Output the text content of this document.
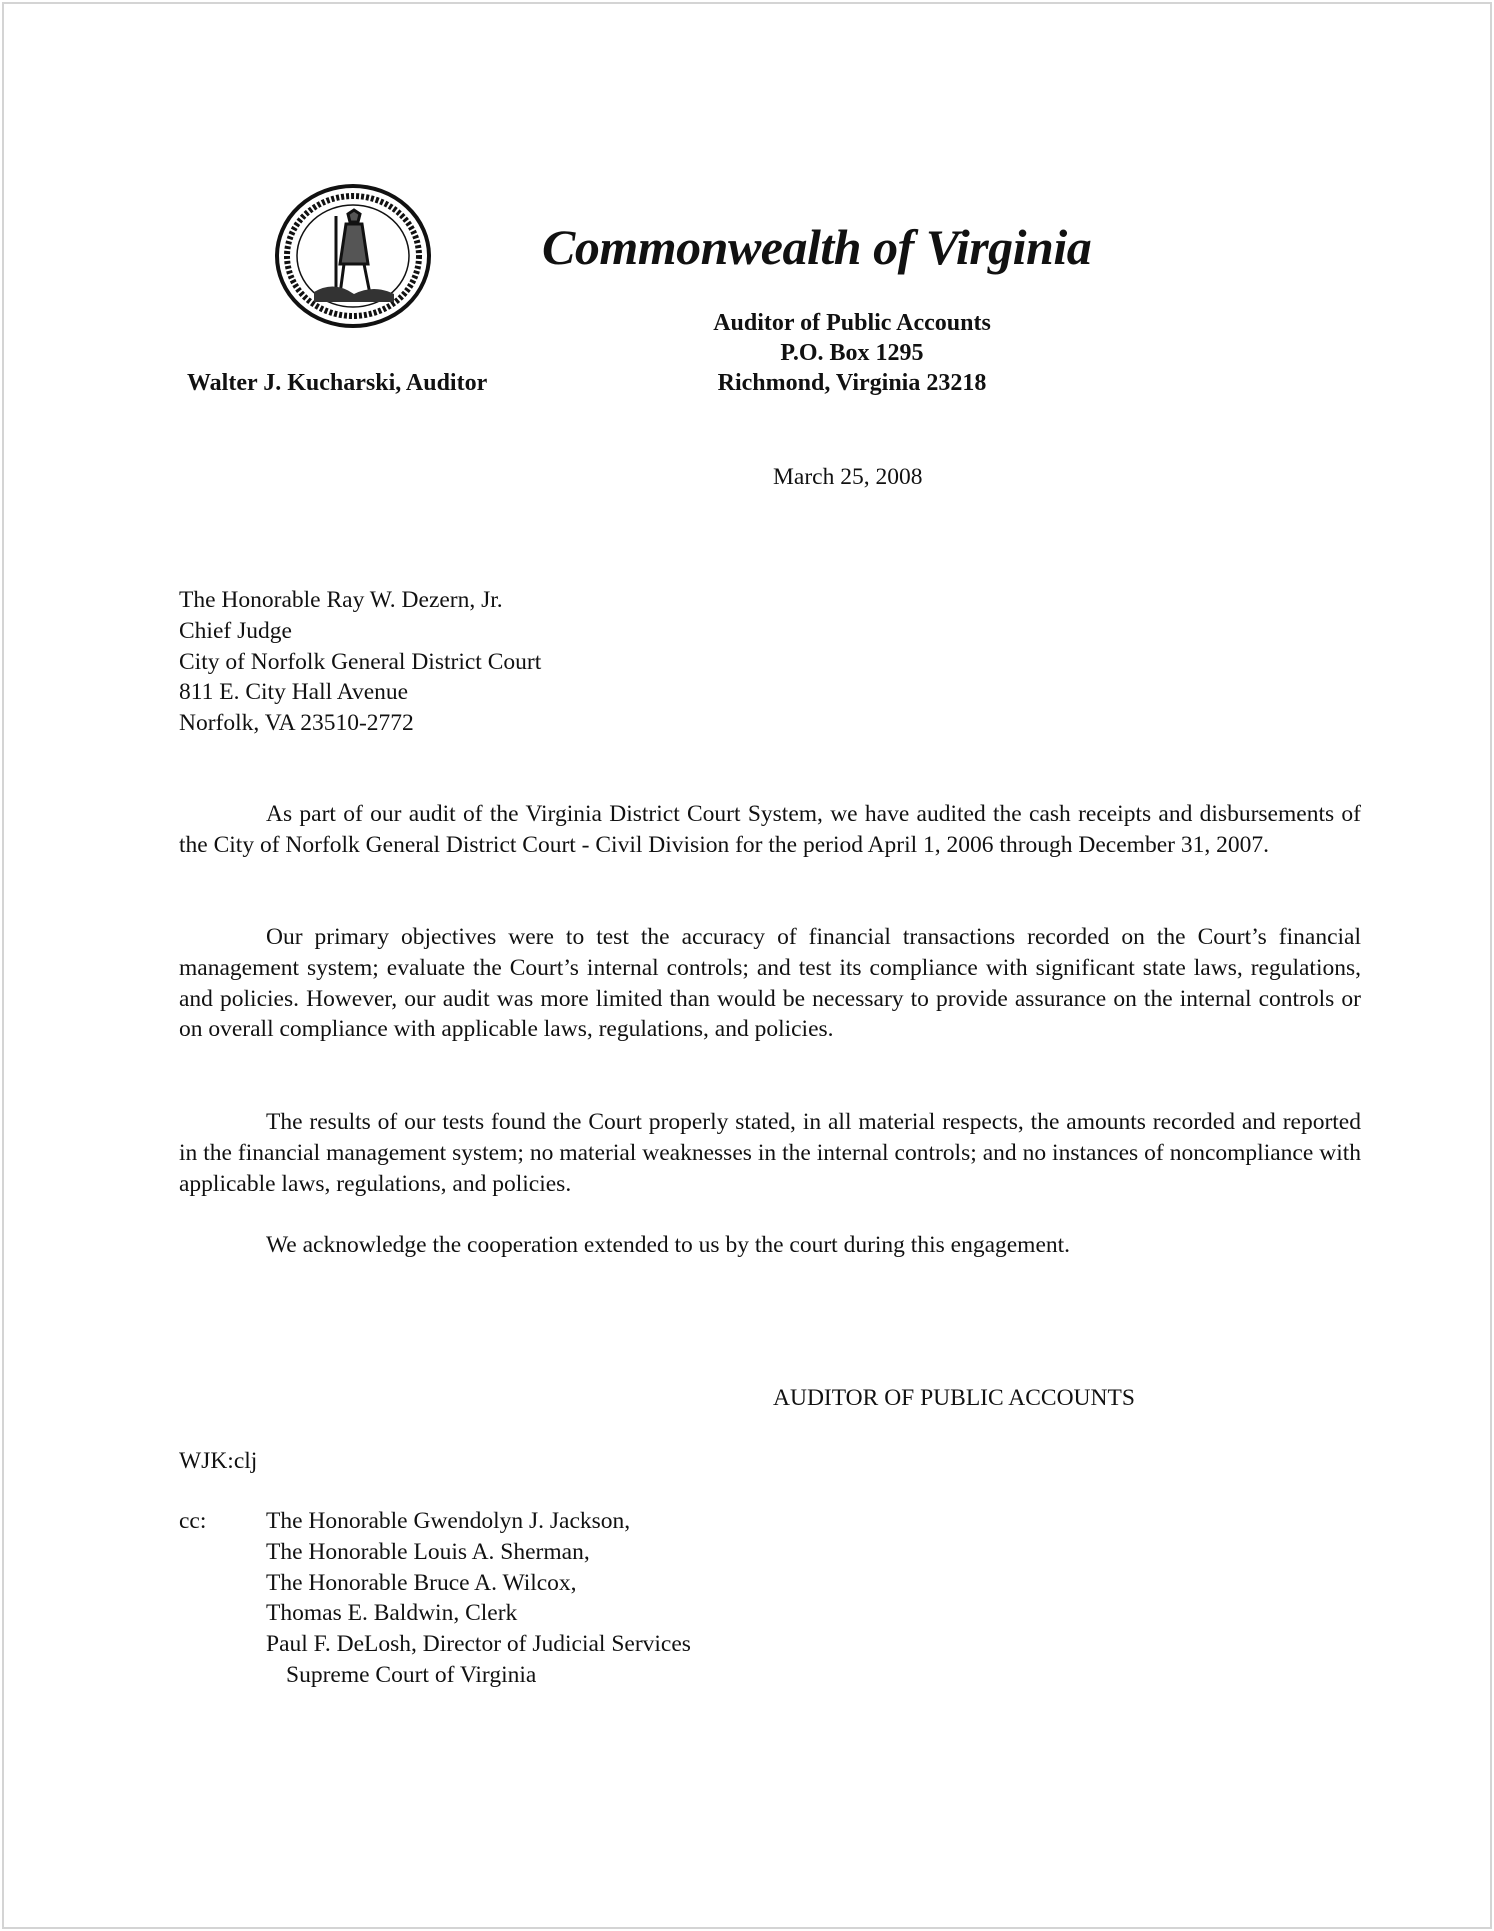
Commonwealth of Virginia
Auditor of Public Accounts
P.O. Box 1295
Richmond, Virginia 23218
Walter J. Kucharski, Auditor
March 25, 2008
The Honorable Ray W. Dezern, Jr.
Chief Judge
City of Norfolk General District Court
811 E. City Hall Avenue
Norfolk, VA 23510-2772

As part of our audit of the Virginia District Court System, we have audited the cash receipts and disbursements of the City of Norfolk General District Court - Civil Division for the period April 1, 2006 through December 31, 2007.

Our primary objectives were to test the accuracy of financial transactions recorded on the Court’s financial management system; evaluate the Court’s internal controls; and test its compliance with significant state laws, regulations, and policies. However, our audit was more limited than would be necessary to provide assurance on the internal controls or on overall compliance with applicable laws, regulations, and policies.

The results of our tests found the Court properly stated, in all material respects, the amounts recorded and reported in the financial management system; no material weaknesses in the internal controls; and no instances of noncompliance with applicable laws, regulations, and policies.

We acknowledge the cooperation extended to us by the court during this engagement.

AUDITOR OF PUBLIC ACCOUNTS
WJK:clj
cc:	The Honorable Gwendolyn J. Jackson,
The Honorable Louis A. Sherman,
The Honorable Bruce A. Wilcox,
Thomas E. Baldwin, Clerk
Paul F. DeLosh, Director of Judicial Services
Supreme Court of Virginia
